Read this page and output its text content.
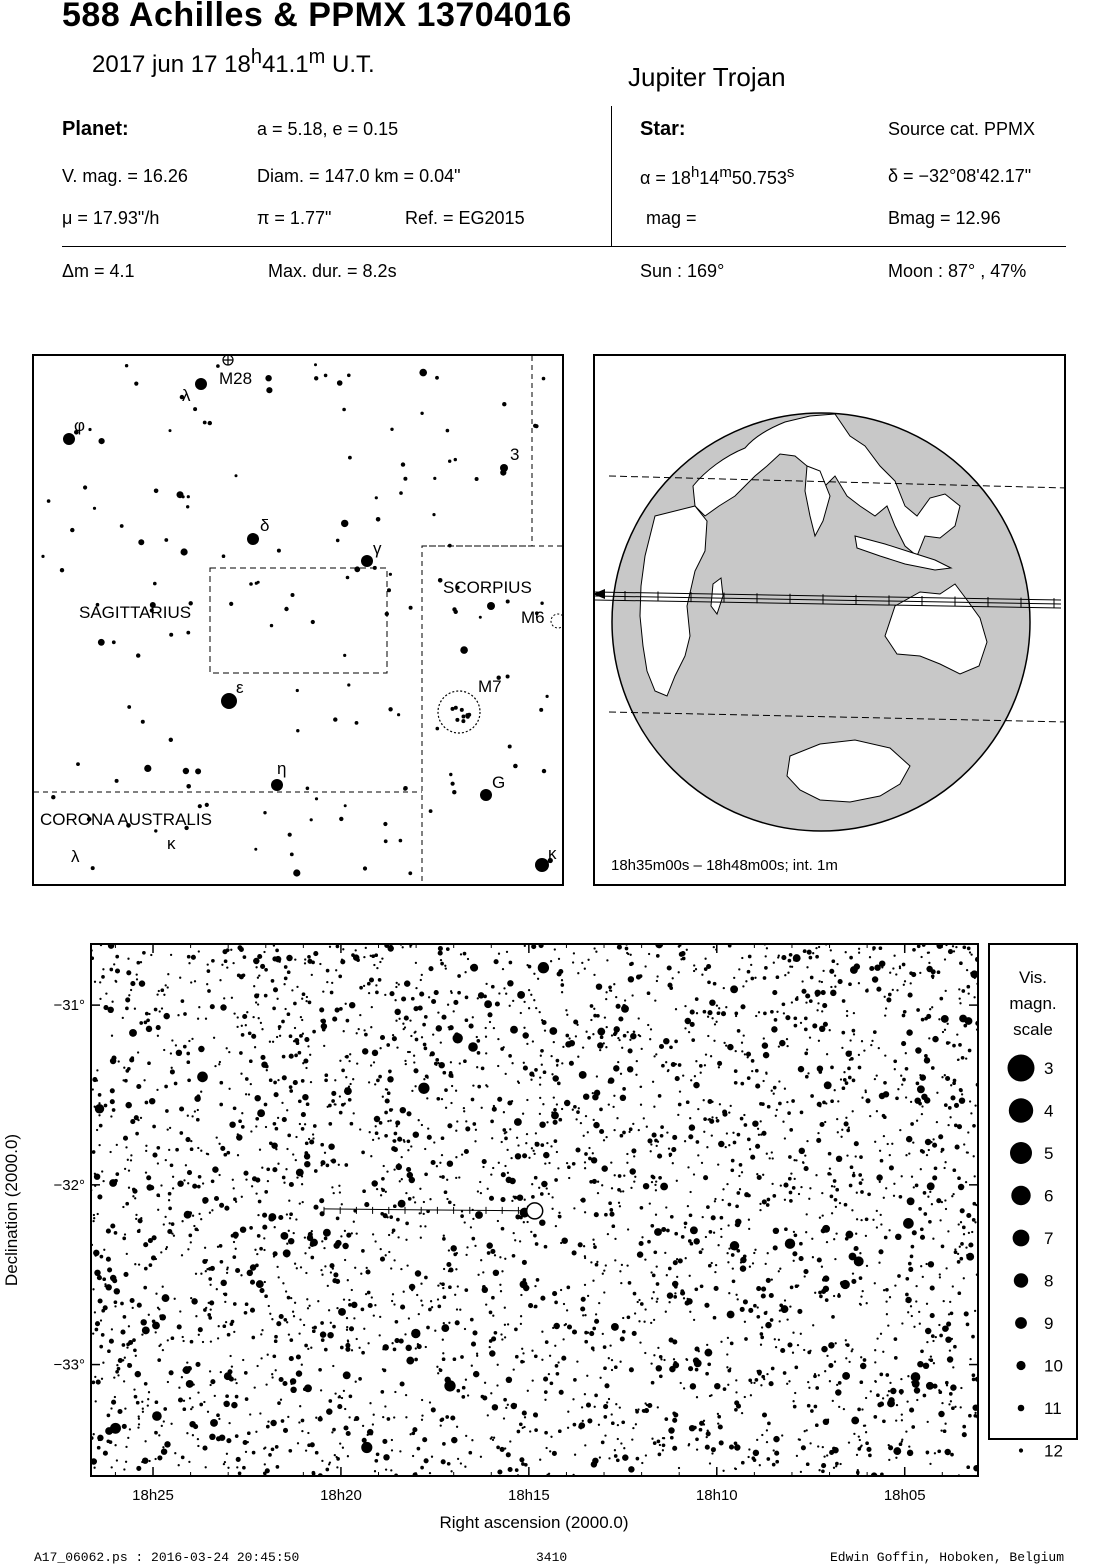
588 Achilles & PPMX 13704016
2017 jun 17 18$^h$41.1$^m$ U.T.	Jupiter Trojan
Planet:	a = 5.18, e = 0.15
V. mag. = 16.26	Diam. = 147.0 km = 0.04"
μ = 17.93"/h	π = 1.77"	Ref. = EG2015
Star:	Source cat. PPMX
$\alpha = 18^h14^m50.753^s$	δ = −32°08'42.17"
mag =	Bmag = 12.96
Δm = 4.1	Max. dur. = 8.2s	Sun : 169°	Moon : 87° , 47%
SAGITTARIUS
SCORPIUS
CORONA AUSTRALIS
M28
M6
M7
3
G
λ
φ
δ
γ
ε
η
κ
λ	κ
18h35m00s – 18h48m00s; int. 1m
18h25	18h20	18h15	18h10	18h05
−31°
−32°
−33°
Right ascension (2000.0)
Declination (2000.0)
Vis.
magn.
scale
3
4
5
6
7
8
9
10
11
12
A17_06062.ps : 2016-03-24 20:45:50	3410	Edwin Goffin, Hoboken, Belgium
